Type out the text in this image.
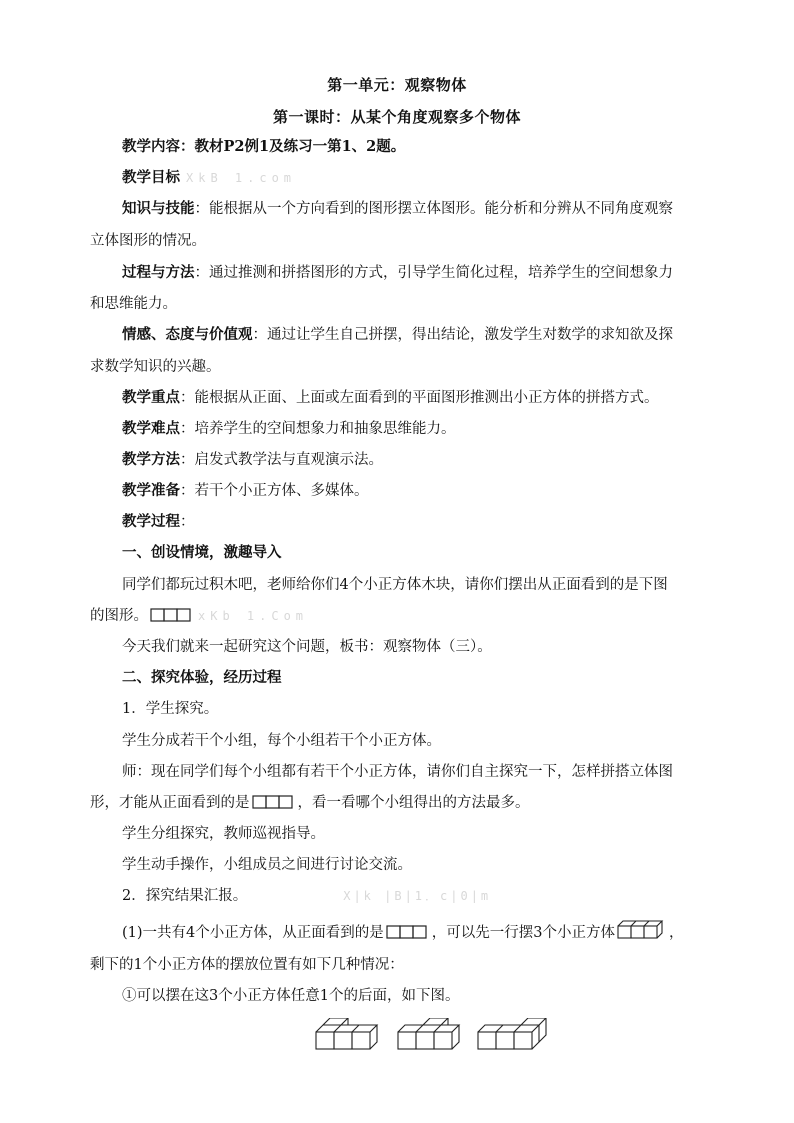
第一单元：观察物体
第一课时：从某个角度观察多个物体
教学内容：教材P2例1及练习一第1、2题。
教学目标 XkB 1.com
知识与技能：能根据从一个方向看到的图形摆立体图形。能分析和分辨从不同角度观察
立体图形的情况。
过程与方法：通过推测和拼搭图形的方式，引导学生简化过程，培养学生的空间想象力
和思维能力。
情感、态度与价值观：通过让学生自己拼摆，得出结论，激发学生对数学的求知欲及探
求数学知识的兴趣。
教学重点：能根据从正面、上面或左面看到的平面图形推测出小正方体的拼搭方式。
教学难点：培养学生的空间想象力和抽象思维能力。
教学方法：启发式教学法与直观演示法。
教学准备：若干个小正方体、多媒体。
教学过程：
一、创设情境，激趣导入
同学们都玩过积木吧，老师给你们4个小正方体木块，请你们摆出从正面看到的是下图
的图形。	xKb 1.Com
今天我们就来一起研究这个问题，板书：观察物体（三）。
二、探究体验，经历过程
1．学生探究。
学生分成若干个小组，每个小组若干个小正方体。
师：现在同学们每个小组都有若干个小正方体，请你们自主探究一下，怎样拼搭立体图
形，才能从正面看到的是	，看一看哪个小组得出的方法最多。
学生分组探究，教师巡视指导。
学生动手操作，小组成员之间进行讨论交流。
2．探究结果汇报。	X|k |B|1．c|0|m
(1)一共有4个小正方体，从正面看到的是	，可以先一行摆3个小正方体	，
剩下的1个小正方体的摆放位置有如下几种情况：
①可以摆在这3个小正方体任意1个的后面，如下图。
